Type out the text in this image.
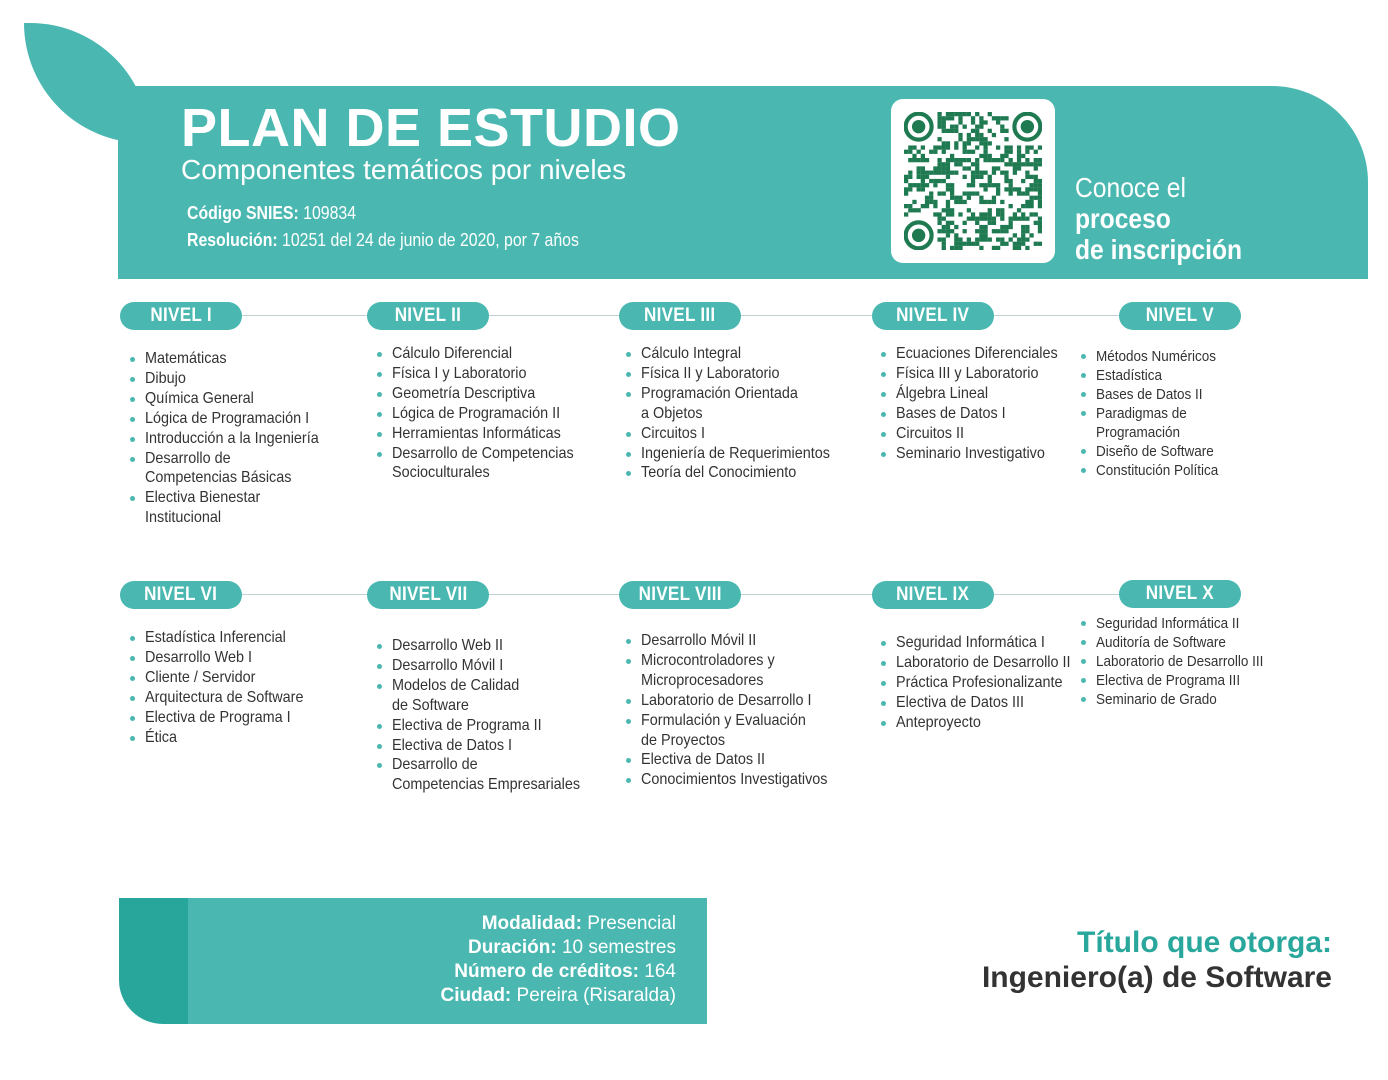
PLAN DE ESTUDIO
Componentes temáticos por niveles
Código SNIES: 109834
Resolución: 10251 del 24 de junio de 2020, por 7 años
Conoce el
proceso
de inscripción
NIVEL I	NIVEL II	NIVEL III	NIVEL IV	NIVEL V
Matemáticas
Dibujo
Química General
Lógica de Programación I
Introducción a la Ingeniería
Desarrollo de
Competencias Básicas
Electiva Bienestar
Institucional
Cálculo Diferencial
Física I y Laboratorio
Geometría Descriptiva
Lógica de Programación II
Herramientas Informáticas
Desarrollo de Competencias
Socioculturales
Cálculo Integral
Física II y Laboratorio
Programación Orientada
a Objetos
Circuitos I
Ingeniería de Requerimientos
Teoría del Conocimiento
Ecuaciones Diferenciales
Física III y Laboratorio
Álgebra Lineal
Bases de Datos I
Circuitos II
Seminario Investigativo
Métodos Numéricos
Estadística
Bases de Datos II
Paradigmas de
Programación
Diseño de Software
Constitución Política
NIVEL VI	NIVEL VII	NIVEL VIII	NIVEL IX	NIVEL X
Estadística Inferencial
Desarrollo Web I
Cliente / Servidor
Arquitectura de Software
Electiva de Programa I
Ética
Desarrollo Web II
Desarrollo Móvil I
Modelos de Calidad
de Software
Electiva de Programa II
Electiva de Datos I
Desarrollo de
Competencias Empresariales
Desarrollo Móvil II
Microcontroladores y
Microprocesadores
Laboratorio de Desarrollo I
Formulación y Evaluación
de Proyectos
Electiva de Datos II
Conocimientos Investigativos
Seguridad Informática I
Laboratorio de Desarrollo II
Práctica Profesionalizante
Electiva de Datos III
Anteproyecto
Seguridad Informática II
Auditoría de Software
Laboratorio de Desarrollo III
Electiva de Programa III
Seminario de Grado
Modalidad: Presencial
Duración: 10 semestres
Número de créditos: 164
Ciudad: Pereira (Risaralda)
Título que otorga:
Ingeniero(a) de Software
